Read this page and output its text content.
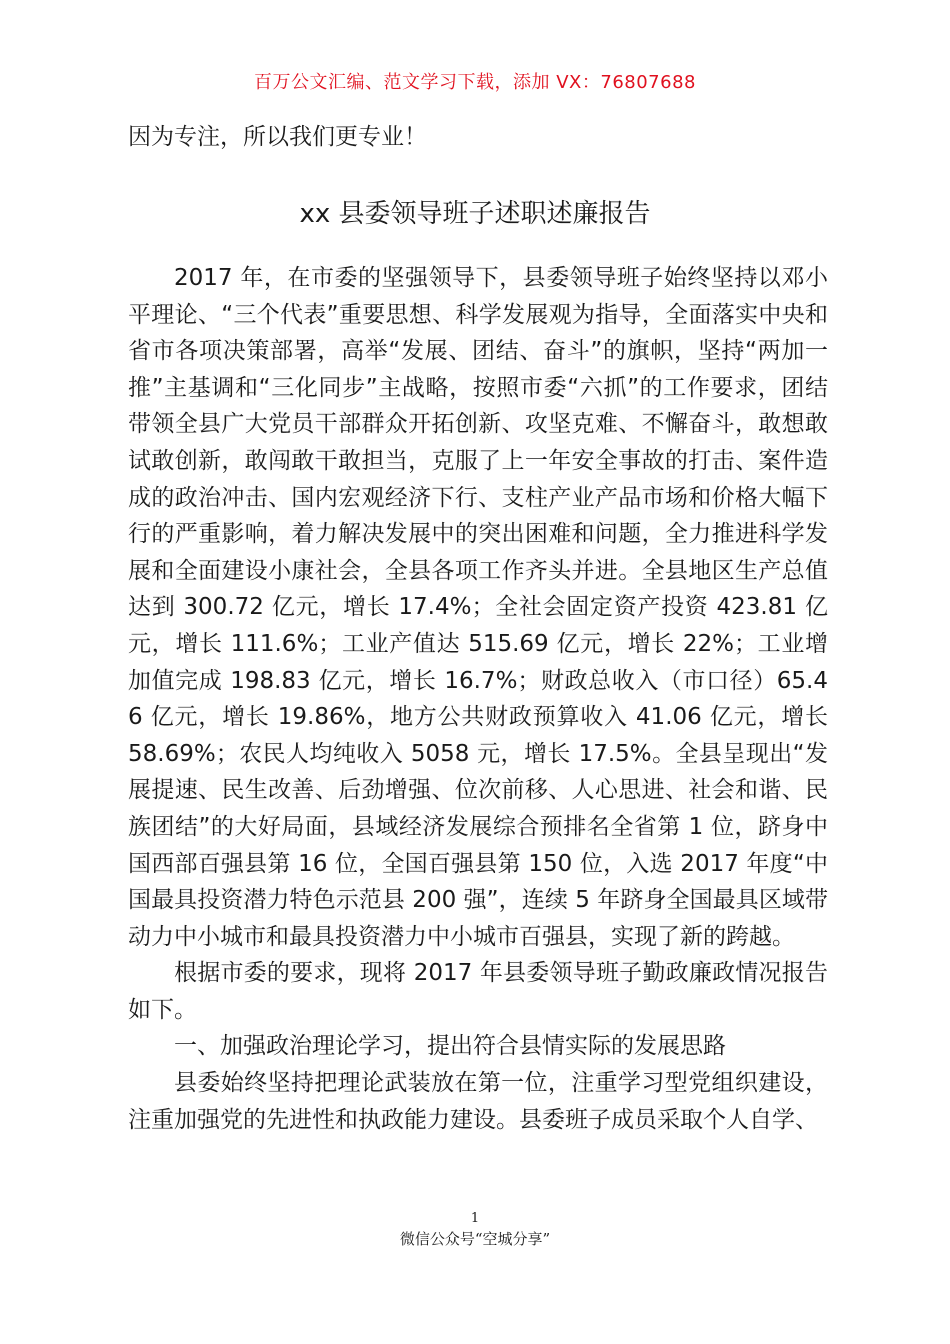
百万公文汇编、范文学习下载，添加 VX：76807688
因为专注，所以我们更专业！
xx 县委领导班子述职述廉报告

2017 年，在市委的坚强领导下，县委领导班子始终坚持以邓小平理论、“三个代表”重要思想、科学发展观为指导，全面落实中央和省市各项决策部署，高举“发展、团结、奋斗”的旗帜，坚持“两加一推”主基调和“三化同步”主战略，按照市委“六抓”的工作要求，团结带领全县广大党员干部群众开拓创新、攻坚克难、不懈奋斗，敢想敢试敢创新，敢闯敢干敢担当，克服了上一年安全事故的打击、案件造成的政治冲击、国内宏观经济下行、支柱产业产品市场和价格大幅下行的严重影响，着力解决发展中的突出困难和问题，全力推进科学发展和全面建设小康社会，全县各项工作齐头并进。全县地区生产总值达到 300.72 亿元，增长 17.4%；全社会固定资产投资 423.81 亿元，增长 111.6%；工业产值达 515.69 亿元，增长 22%；工业增加值完成 198.83 亿元，增长 16.7%；财政总收入（市口径）65.46 亿元，增长 19.86%，地方公共财政预算收入 41.06 亿元，增长 58.69%；农民人均纯收入 5058 元，增长 17.5%。全县呈现出“发展提速、民生改善、后劲增强、位次前移、人心思进、社会和谐、民族团结”的大好局面，县域经济发展综合预排名全省第 1 位，跻身中国西部百强县第 16 位，全国百强县第 150 位，入选 2017 年度“中国最具投资潜力特色示范县 200 强”，连续 5 年跻身全国最具区域带动力中小城市和最具投资潜力中小城市百强县，实现了新的跨越。

根据市委的要求，现将 2017 年县委领导班子勤政廉政情况报告如下。

一、加强政治理论学习，提出符合县情实际的发展思路

县委始终坚持把理论武装放在第一位，注重学习型党组织建设，注重加强党的先进性和执政能力建设。县委班子成员采取个人自学、

1
微信公众号“空城分享”
